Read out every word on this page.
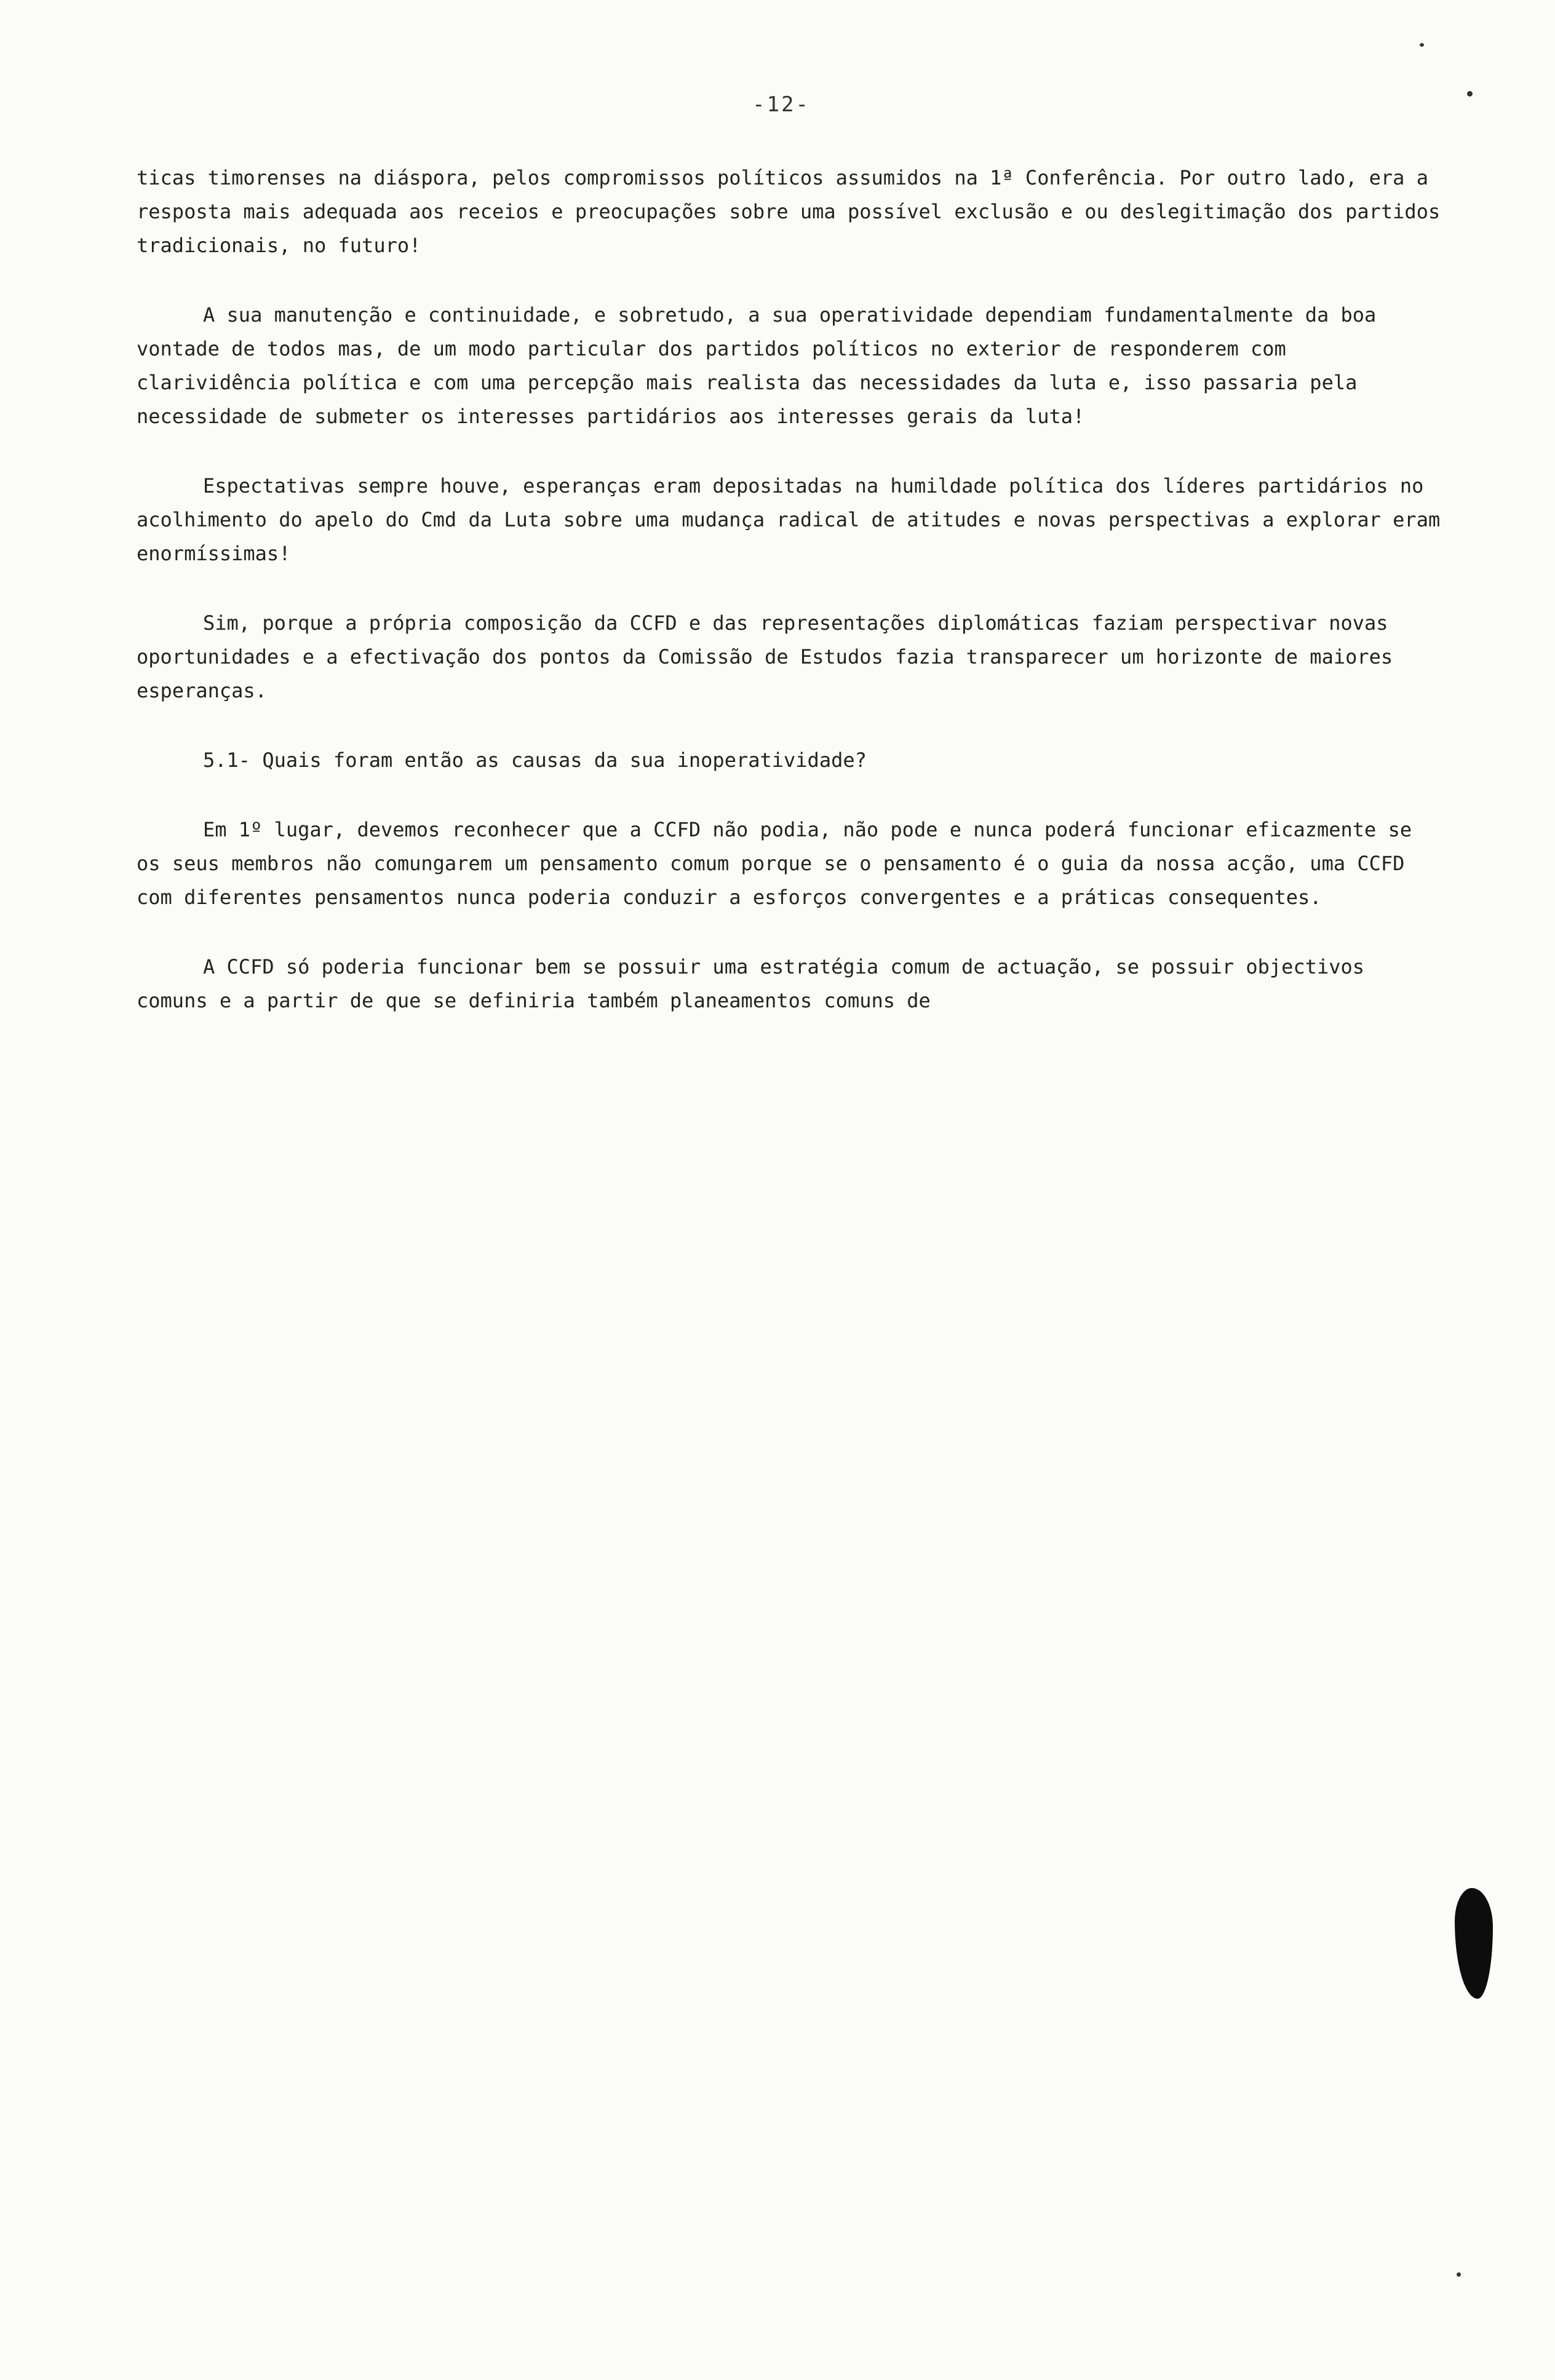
-12-

ticas timorenses na diáspora, pelos compromissos políticos assumidos na 1ª Conferência. Por outro lado, era a resposta mais adequada aos receios e preocupações sobre uma possível exclusão e ou deslegitimação dos partidos tradicionais, no futuro!

A sua manutenção e continuidade, e sobretudo, a sua operatividade dependiam fundamentalmente da boa vontade de todos mas, de um modo particular dos partidos políticos no exterior de responderem com clarividência política e com uma percepção mais realista das necessidades da luta e, isso passaria pela necessidade de submeter os interesses partidários aos interesses gerais da luta!

Espectativas sempre houve, esperanças eram depositadas na humildade política dos líderes partidários no acolhimento do apelo do Cmd da Luta sobre uma mudança radical de atitudes e novas perspectivas a explorar eram enormíssimas!

Sim, porque a própria composição da CCFD e das representações diplomáticas faziam perspectivar novas oportunidades e a efectivação dos pontos da Comissão de Estudos fazia transparecer um horizonte de maiores esperanças.

5.1- Quais foram então as causas da sua inoperatividade?

Em 1º lugar, devemos reconhecer que a CCFD não podia, não pode e nunca poderá funcionar eficazmente se os seus membros não comungarem um pensamento comum porque se o pensamento é o guia da nossa acção, uma CCFD com diferentes pensamentos nunca poderia conduzir a esforços convergentes e a práticas consequentes.

A CCFD só poderia funcionar bem se possuir uma estratégia comum de actuação, se possuir objectivos comuns e a partir de que se definiria também planeamentos comuns de
